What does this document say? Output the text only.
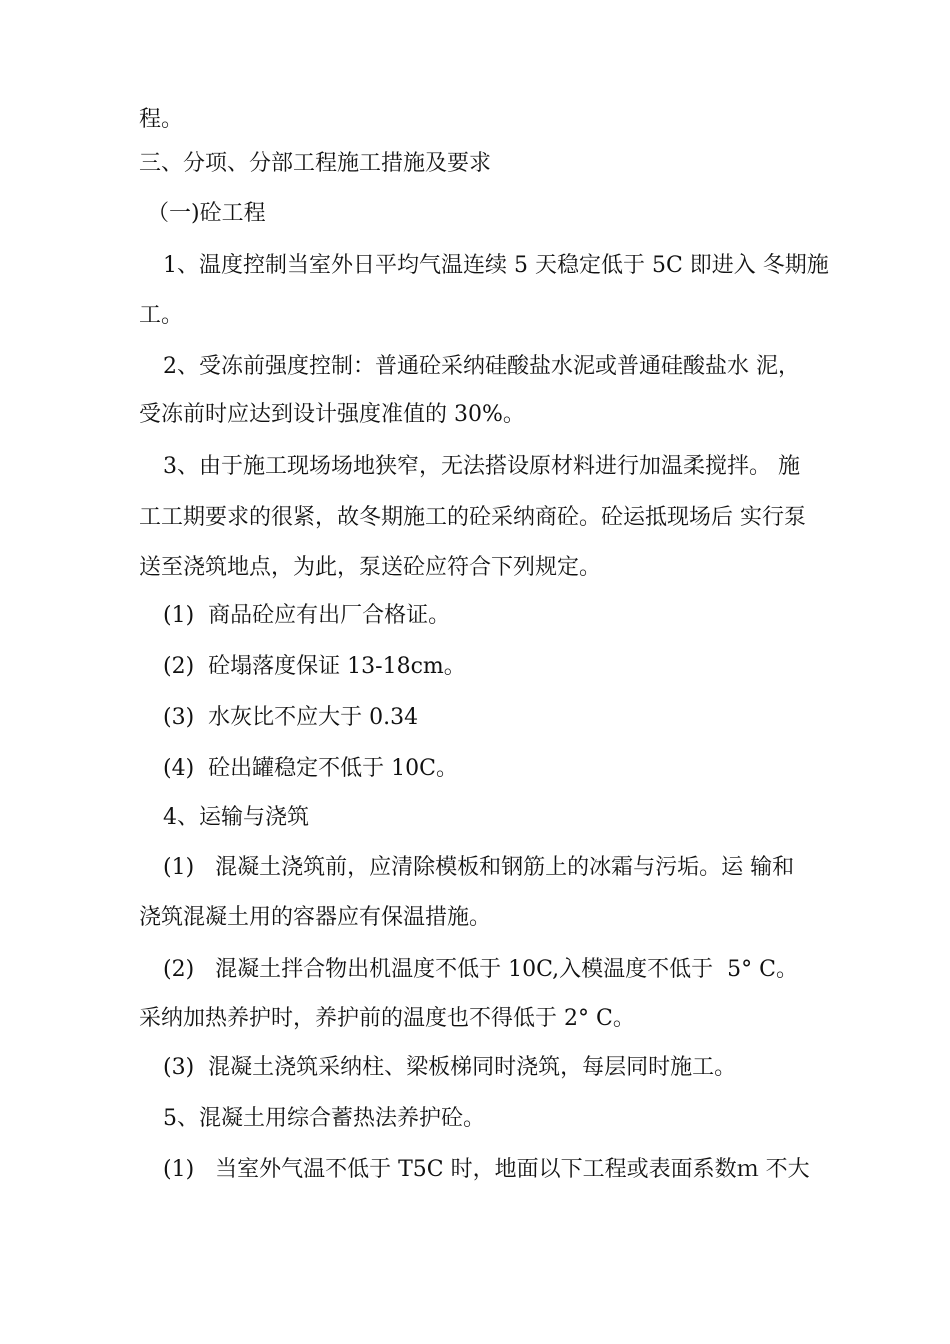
程。
三、分项、分部工程施工措施及要求
（一)砼工程
1、温度控制当室外日平均气温连续 5 天稳定低于 5C 即进入 冬期施
工。
2、受冻前强度控制：普通砼采纳硅酸盐水泥或普通硅酸盐水 泥，
受冻前时应达到设计强度准值的 30%。
3、由于施工现场场地狭窄，无法搭设原材料进行加温柔搅拌。 施
工工期要求的很紧，故冬期施工的砼采纳商砼。砼运抵现场后 实行泵
送至浇筑地点，为此，泵送砼应符合下列规定。
(1)  商品砼应有出厂合格证。
(2)  砼塌落度保证 13-18cm。
(3)  水灰比不应大于 0.34
(4)  砼出罐稳定不低于 10C。
4、运输与浇筑
(1)   混凝土浇筑前，应清除模板和钢筋上的冰霜与污垢。运 输和
浇筑混凝土用的容器应有保温措施。
(2)   混凝土拌合物出机温度不低于 10C,入模温度不低于  5° C。
采纳加热养护时，养护前的温度也不得低于 2° C。
(3)  混凝土浇筑采纳柱、梁板梯同时浇筑，每层同时施工。
5、混凝土用综合蓄热法养护砼。
(1)   当室外气温不低于 T5C 时，地面以下工程或表面系数ｍ 不大
